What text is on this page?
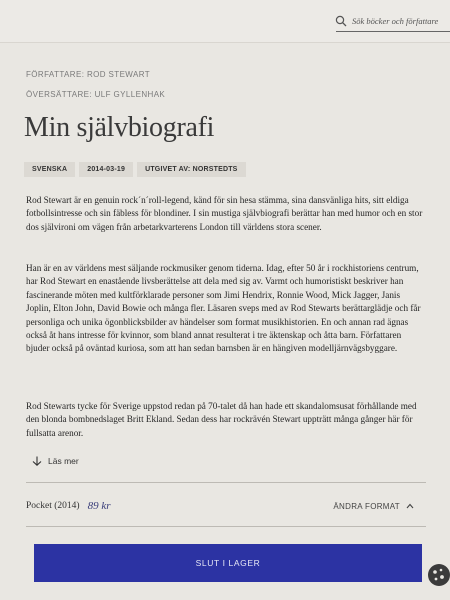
Sök böcker och författare
FÖRFATTARE: ROD STEWART
ÖVERSÄTTARE: ULF GYLLENHAK
Min självbiografi
SVENSKA	2014-03-19	UTGIVET AV: NORSTEDTS

Rod Stewart är en genuin rock´n´roll-legend, känd för sin hesa stämma, sina dansvänliga hits, sitt eldiga fotbollsintresse och sin fäbless för blondiner. I sin mustiga självbiografi berättar han med humor och en stor dos självironi om vägen från arbetarkvarterens London till världens stora scener.

Han är en av världens mest säljande rockmusiker genom tiderna. Idag, efter 50 år i rockhistoriens centrum, har Rod Stewart en enastående livsberättelse att dela med sig av. Varmt och humoristiskt beskriver han fascinerande möten med kultförklarade personer som Jimi Hendrix, Ronnie Wood, Mick Jagger, Janis Joplin, Elton John, David Bowie och många fler. Läsaren sveps med av Rod Stewarts berättarglädje och får personliga och unika ögonblicksbilder av händelser som format musikhistorien. En och annan rad ägnas också åt hans intresse för kvinnor, som bland annat resulterat i tre äktenskap och åtta barn. Författaren bjuder också på oväntad kuriosa, som att han sedan barnsben är en hängiven modelljärnvägsbyggare.

Rod Stewarts tycke för Sverige uppstod redan på 70-talet då han hade ett skandalomsusat förhållande med den blonda bombnedslaget Britt Ekland. Sedan dess har rockrävén Stewart uppträtt många gånger här för fullsatta arenor.

Läs mer
Pocket (2014) 89 kr	ÄNDRA FORMAT
SLUT I LAGER
